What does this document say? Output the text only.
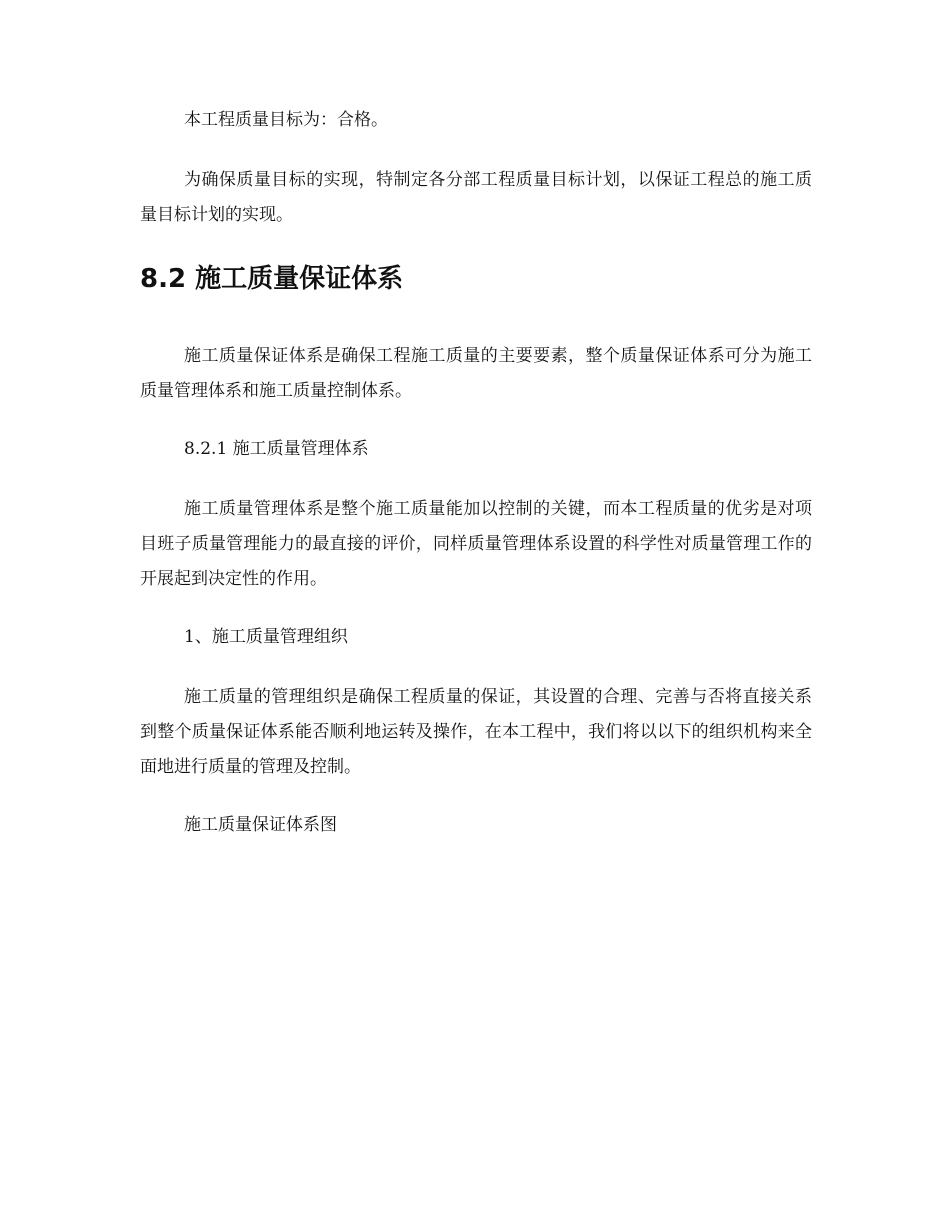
本工程质量目标为：合格。

为确保质量目标的实现，特制定各分部工程质量目标计划，以保证工程总的施工质量目标计划的实现。

8.2 施工质量保证体系

施工质量保证体系是确保工程施工质量的主要要素，整个质量保证体系可分为施工质量管理体系和施工质量控制体系。

8.2.1 施工质量管理体系

施工质量管理体系是整个施工质量能加以控制的关键，而本工程质量的优劣是对项目班子质量管理能力的最直接的评价，同样质量管理体系设置的科学性对质量管理工作的开展起到决定性的作用。

1、施工质量管理组织

施工质量的管理组织是确保工程质量的保证，其设置的合理、完善与否将直接关系到整个质量保证体系能否顺利地运转及操作，在本工程中，我们将以以下的组织机构来全面地进行质量的管理及控制。

施工质量保证体系图
